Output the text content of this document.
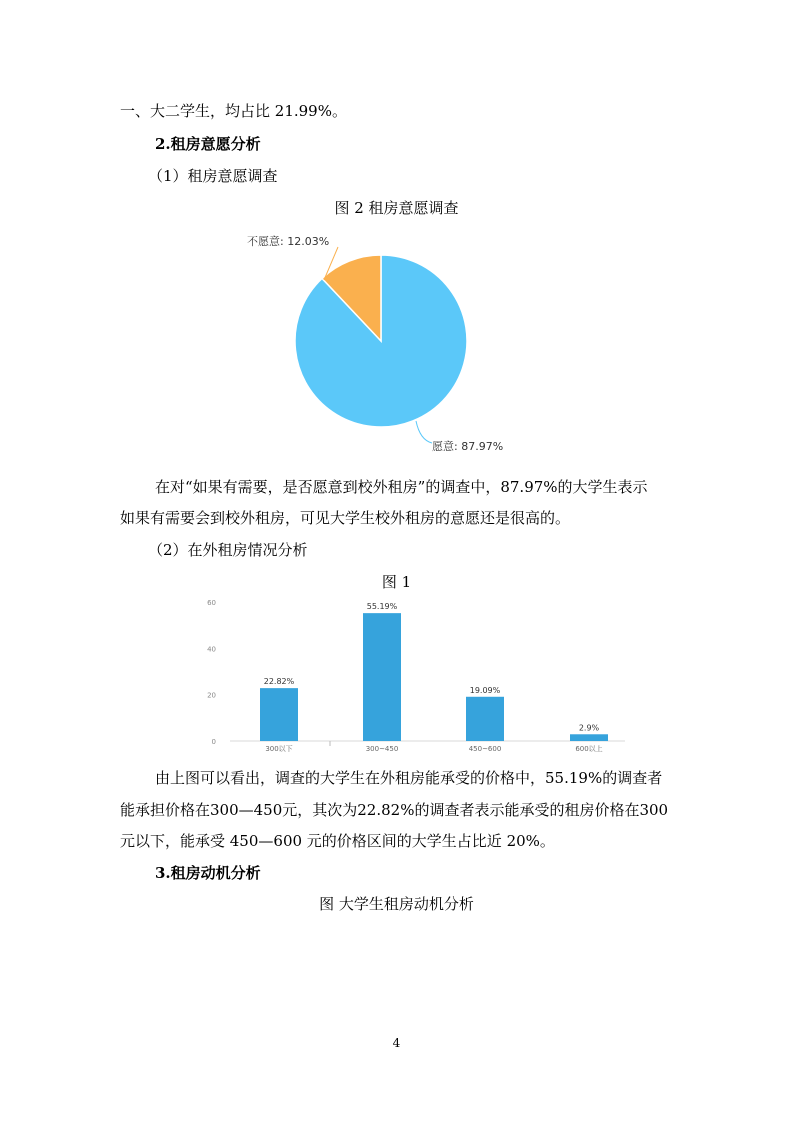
一、大二学生，均占比 21.99%。
2.租房意愿分析
（1）租房意愿调查
图 2 租房意愿调查
不愿意: 12.03%
愿意: 87.97%
在对“如果有需要，是否愿意到校外租房”的调查中，87.97%的大学生表示
如果有需要会到校外租房，可见大学生校外租房的意愿还是很高的。
（2）在外租房情况分析
图 1
0
20
40
60
22.82%
300以下
55.19%
300~450
19.09%
450~600
2.9%
600以上
由上图可以看出，调查的大学生在外租房能承受的价格中，55.19%的调查者
能承担价格在300—450元，其次为22.82%的调查者表示能承受的租房价格在300
元以下，能承受 450—600 元的价格区间的大学生占比近 20%。
3.租房动机分析
图 大学生租房动机分析
4
